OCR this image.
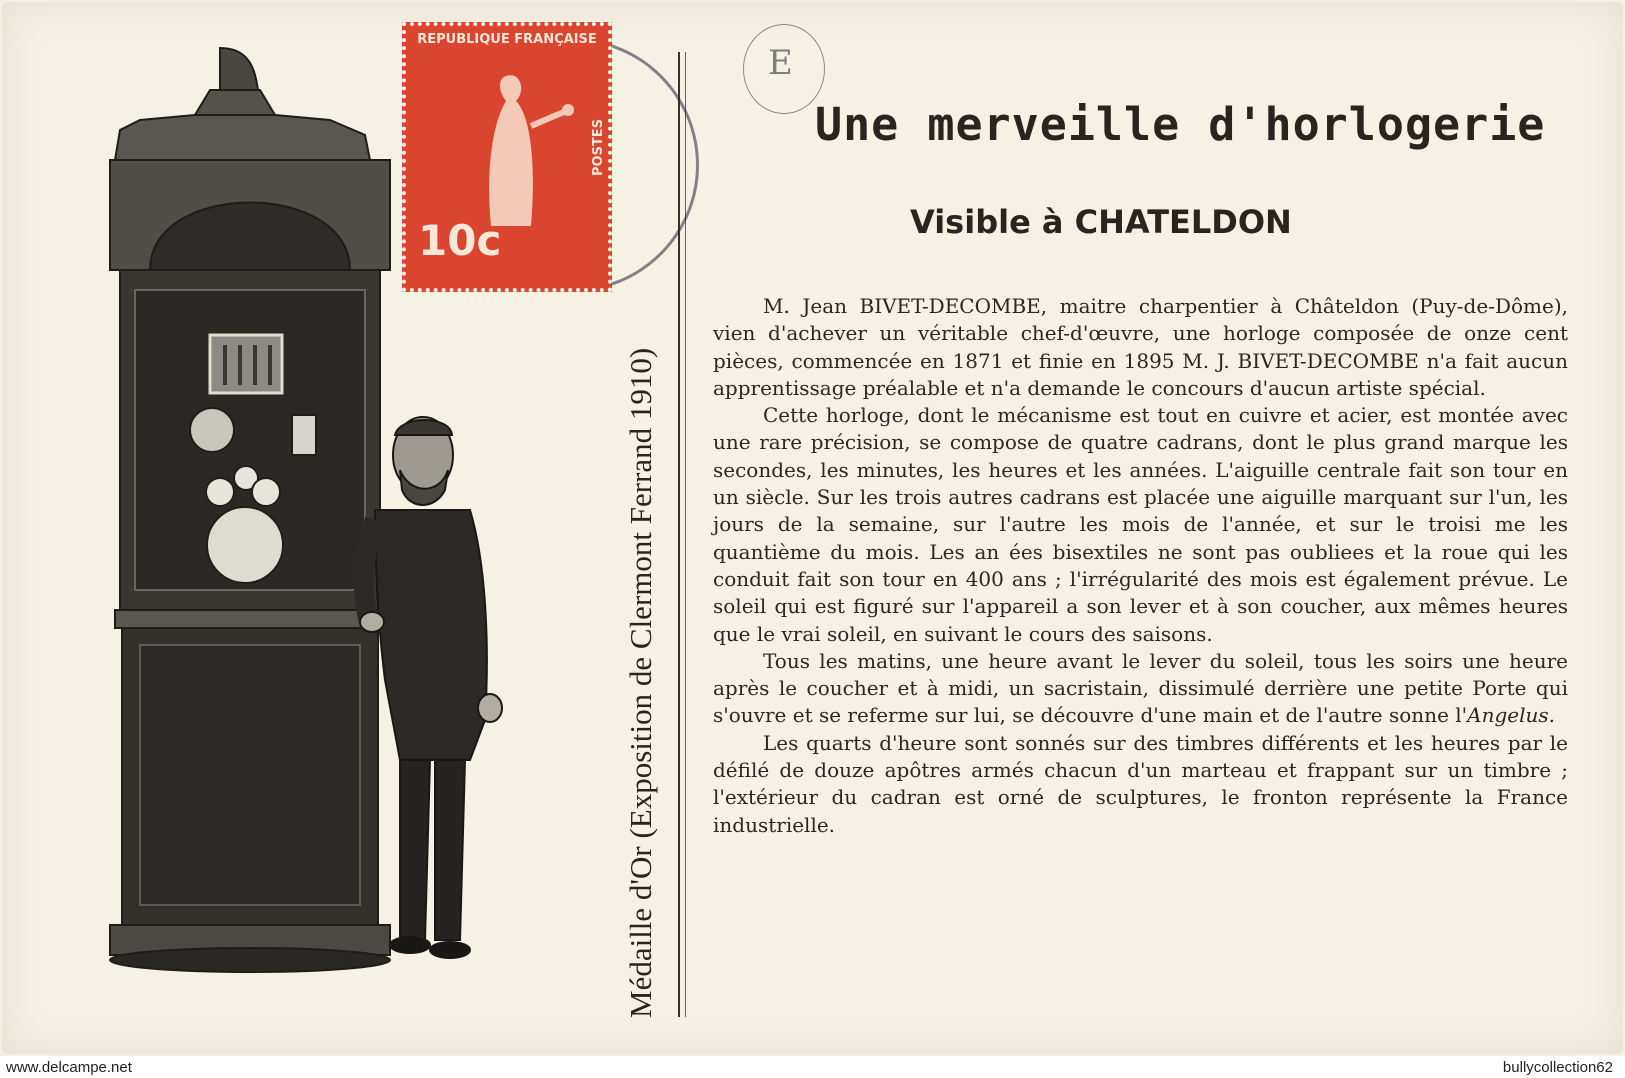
Médaille d'Or (Exposition de Clermont Ferrand 1910)
REPUBLIQUE FRANÇAISE
10c
POSTES
E
Une merveille d'horlogerie
Visible à CHATELDON

M. Jean BIVET-DECOMBE, maitre charpentier à Châteldon (Puy-de-Dôme), vien d'achever un véritable chef-d'œuvre, une horloge composée de onze cent pièces, commencée en 1871 et finie en 1895 M. J. BIVET-DECOMBE n'a fait aucun apprentissage préalable et n'a demande le concours d'aucun artiste spécial.

Cette horloge, dont le mécanisme est tout en cuivre et acier, est montée avec une rare précision, se compose de quatre cadrans, dont le plus grand marque les secondes, les minutes, les heures et les années. L'aiguille centrale fait son tour en un siècle. Sur les trois autres cadrans est placée une aiguille marquant sur l'un, les jours de la semaine, sur l'autre les mois de l'année, et sur le troisi me les quantième du mois. Les an ées bisextiles ne sont pas oubliees et la roue qui les conduit fait son tour en 400 ans ; l'irrégularité des mois est également prévue. Le soleil qui est figuré sur l'appareil a son lever et à son coucher, aux mêmes heures que le vrai soleil, en suivant le cours des saisons.

Tous les matins, une heure avant le lever du soleil, tous les soirs une heure après le coucher et à midi, un sacristain, dissimulé derrière une petite Porte qui s'ouvre et se referme sur lui, se découvre d'une main et de l'autre sonne l'Angelus.

Les quarts d'heure sont sonnés sur des timbres différents et les heures par le défilé de douze apôtres armés chacun d'un marteau et frappant sur un timbre ; l'extérieur du cadran est orné de sculptures, le fronton représente la France industrielle.

www.delcampe.net	bullycollection62
